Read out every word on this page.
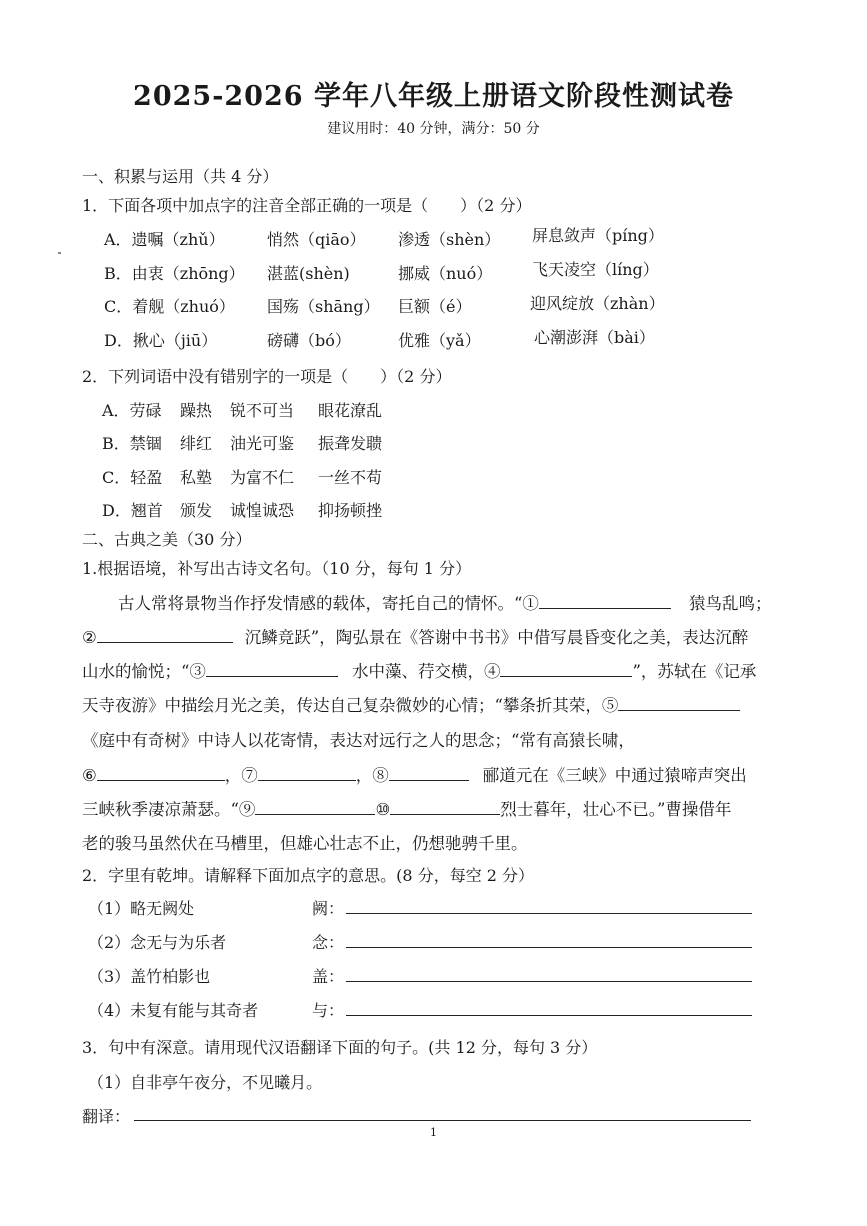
2025-2026 学年八年级上册语文阶段性测试卷
建议用时：40 分钟，满分：50 分
一、积累与运用（共 4 分）
1．下面各项中加点字的注音全部正确的一项是（　　）（2 分）
A．遗嘱（zhǔ）	悄然（qiāo） 渗透（shèn） 屏息敛声（píng）
B．由衷（zhōng） 湛蓝(shèn)	挪威（nuó） 飞天凌空（líng）
C．着舰（zhuó） 国殇（shāng） 巨额（é）	迎风绽放（zhàn）
D．揪心（jiū）	磅礴（bó）	优雅（yǎ）	心潮澎湃（bài）
2．下列词语中没有错别字的一项是（　　）（2 分）
A．劳碌 躁热 锐不可当 眼花潦乱
B．禁锢 绯红 油光可鉴 振聋发聩
C．轻盈 私塾 为富不仁 一丝不苟
D．翘首 颁发 诚惶诚恐 抑扬顿挫
二、古典之美（30 分）
1.根据语境，补写出古诗文名句。（10 分，每句 1 分）
古人常将景物当作抒发情感的载体，寄托自己的情怀。“①	猿鸟乱鸣；
②	沉鳞竞跃”，陶弘景在《答谢中书书》中借写晨昏变化之美，表达沉醉
山水的愉悦；“③	水中藻、荇交横，④	”，苏轼在《记承
天寺夜游》中描绘月光之美，传达自己复杂微妙的心情；“攀条折其荣，⑤
《庭中有奇树》中诗人以花寄情，表达对远行之人的思念；“常有高猿长啸，
⑥	，⑦	，⑧	郦道元在《三峡》中通过猿啼声突出
三峡秋季凄凉萧瑟。“⑨	⑩	烈士暮年，壮心不已。”曹操借年
老的骏马虽然伏在马槽里，但雄心壮志不止，仍想驰骋千里。
2．字里有乾坤。请解释下面加点字的意思。(8 分，每空 2 分）
（1）略无阙处	阙：
（2）念无与为乐者	念：
（3）盖竹柏影也	盖：
（4）未复有能与其奇者	与：
3．句中有深意。请用现代汉语翻译下面的句子。(共 12 分，每句 3 分）
（1）自非亭午夜分，不见曦月。
翻译：
1
